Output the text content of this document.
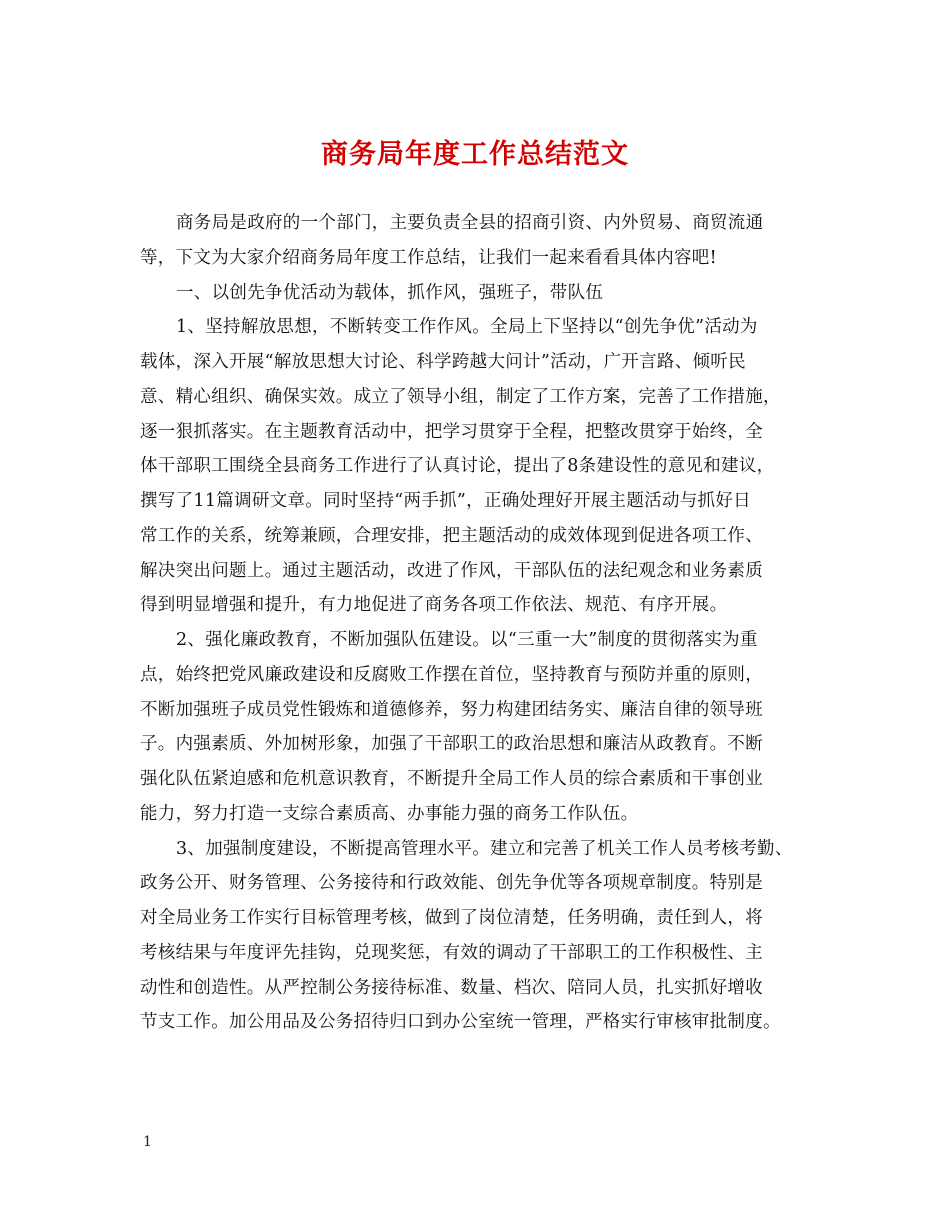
商务局年度工作总结范文
商务局是政府的一个部门，主要负责全县的招商引资、内外贸易、商贸流通
等，下文为大家介绍商务局年度工作总结，让我们一起来看看具体内容吧!
一、以创先争优活动为载体，抓作风，强班子，带队伍
1、坚持解放思想，不断转变工作作风。全局上下坚持以“创先争优”活动为
载体，深入开展“解放思想大讨论、科学跨越大问计”活动，广开言路、倾听民
意、精心组织、确保实效。成立了领导小组，制定了工作方案，完善了工作措施，
逐一狠抓落实。在主题教育活动中，把学习贯穿于全程，把整改贯穿于始终，全
体干部职工围绕全县商务工作进行了认真讨论，提出了8条建设性的意见和建议，
撰写了11篇调研文章。同时坚持“两手抓”，正确处理好开展主题活动与抓好日
常工作的关系，统筹兼顾，合理安排，把主题活动的成效体现到促进各项工作、
解决突出问题上。通过主题活动，改进了作风，干部队伍的法纪观念和业务素质
得到明显增强和提升，有力地促进了商务各项工作依法、规范、有序开展。
2、强化廉政教育，不断加强队伍建设。以“三重一大”制度的贯彻落实为重
点，始终把党风廉政建设和反腐败工作摆在首位，坚持教育与预防并重的原则，
不断加强班子成员党性锻炼和道德修养，努力构建团结务实、廉洁自律的领导班
子。内强素质、外加树形象，加强了干部职工的政治思想和廉洁从政教育。不断
强化队伍紧迫感和危机意识教育，不断提升全局工作人员的综合素质和干事创业
能力，努力打造一支综合素质高、办事能力强的商务工作队伍。
3、加强制度建设，不断提高管理水平。建立和完善了机关工作人员考核考勤、
政务公开、财务管理、公务接待和行政效能、创先争优等各项规章制度。特别是
对全局业务工作实行目标管理考核，做到了岗位清楚，任务明确，责任到人，将
考核结果与年度评先挂钩，兑现奖惩，有效的调动了干部职工的工作积极性、主
动性和创造性。从严控制公务接待标准、数量、档次、陪同人员，扎实抓好增收
节支工作。加公用品及公务招待归口到办公室统一管理，严格实行审核审批制度。
1
